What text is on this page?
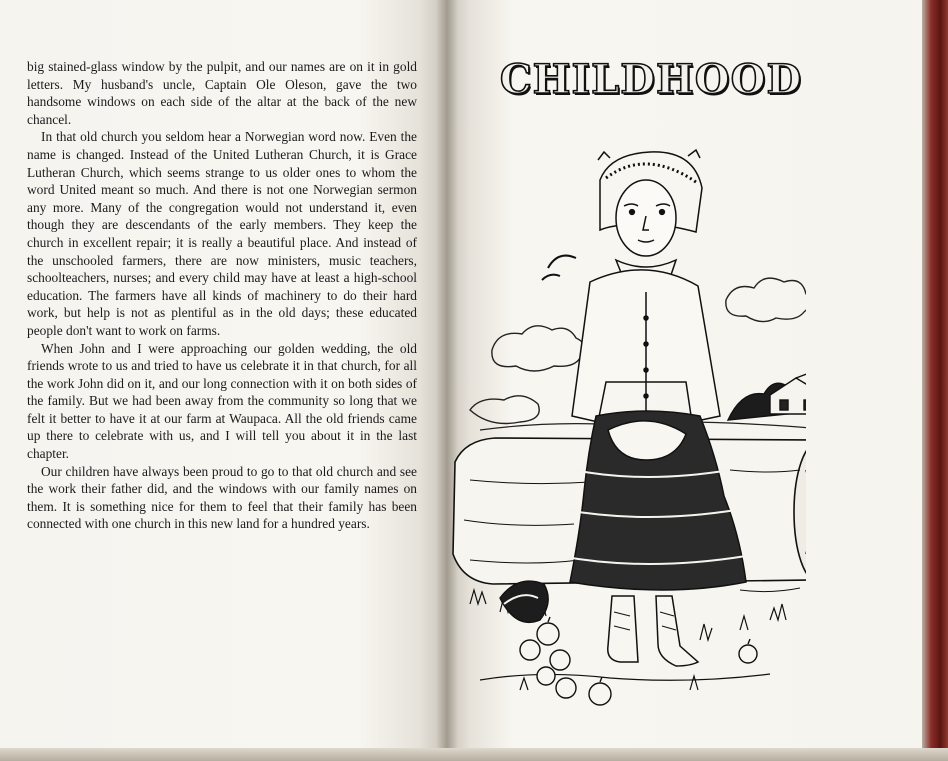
big stained-glass window by the pulpit, and our names are on it in gold letters. My husband's uncle, Captain Ole Oleson, gave the two handsome windows on each side of the altar at the back of the new chancel.

In that old church you seldom hear a Norwegian word now. Even the name is changed. Instead of the United Lutheran Church, it is Grace Lutheran Church, which seems strange to us older ones to whom the word United meant so much. And there is not one Norwegian sermon any more. Many of the congregation would not understand it, even though they are descendants of the early members. They keep the church in excellent repair; it is really a beautiful place. And instead of the unschooled farmers, there are now ministers, music teachers, schoolteachers, nurses; and every child may have at least a high-school education. The farmers have all kinds of machinery to do their hard work, but help is not as plentiful as in the old days; these educated people don't want to work on farms.

When John and I were approaching our golden wedding, the old friends wrote to us and tried to have us celebrate it in that church, for all the work John did on it, and our long connection with it on both sides of the family. But we had been away from the community so long that we felt it better to have it at our farm at Waupaca. All the old friends came up there to celebrate with us, and I will tell you about it in the last chapter.

Our children have always been proud to go to that old church and see the work their father did, and the windows with our family names on them. It is something nice for them to feel that their family has been connected with one church in this new land for a hundred years.

CHILDHOOD
